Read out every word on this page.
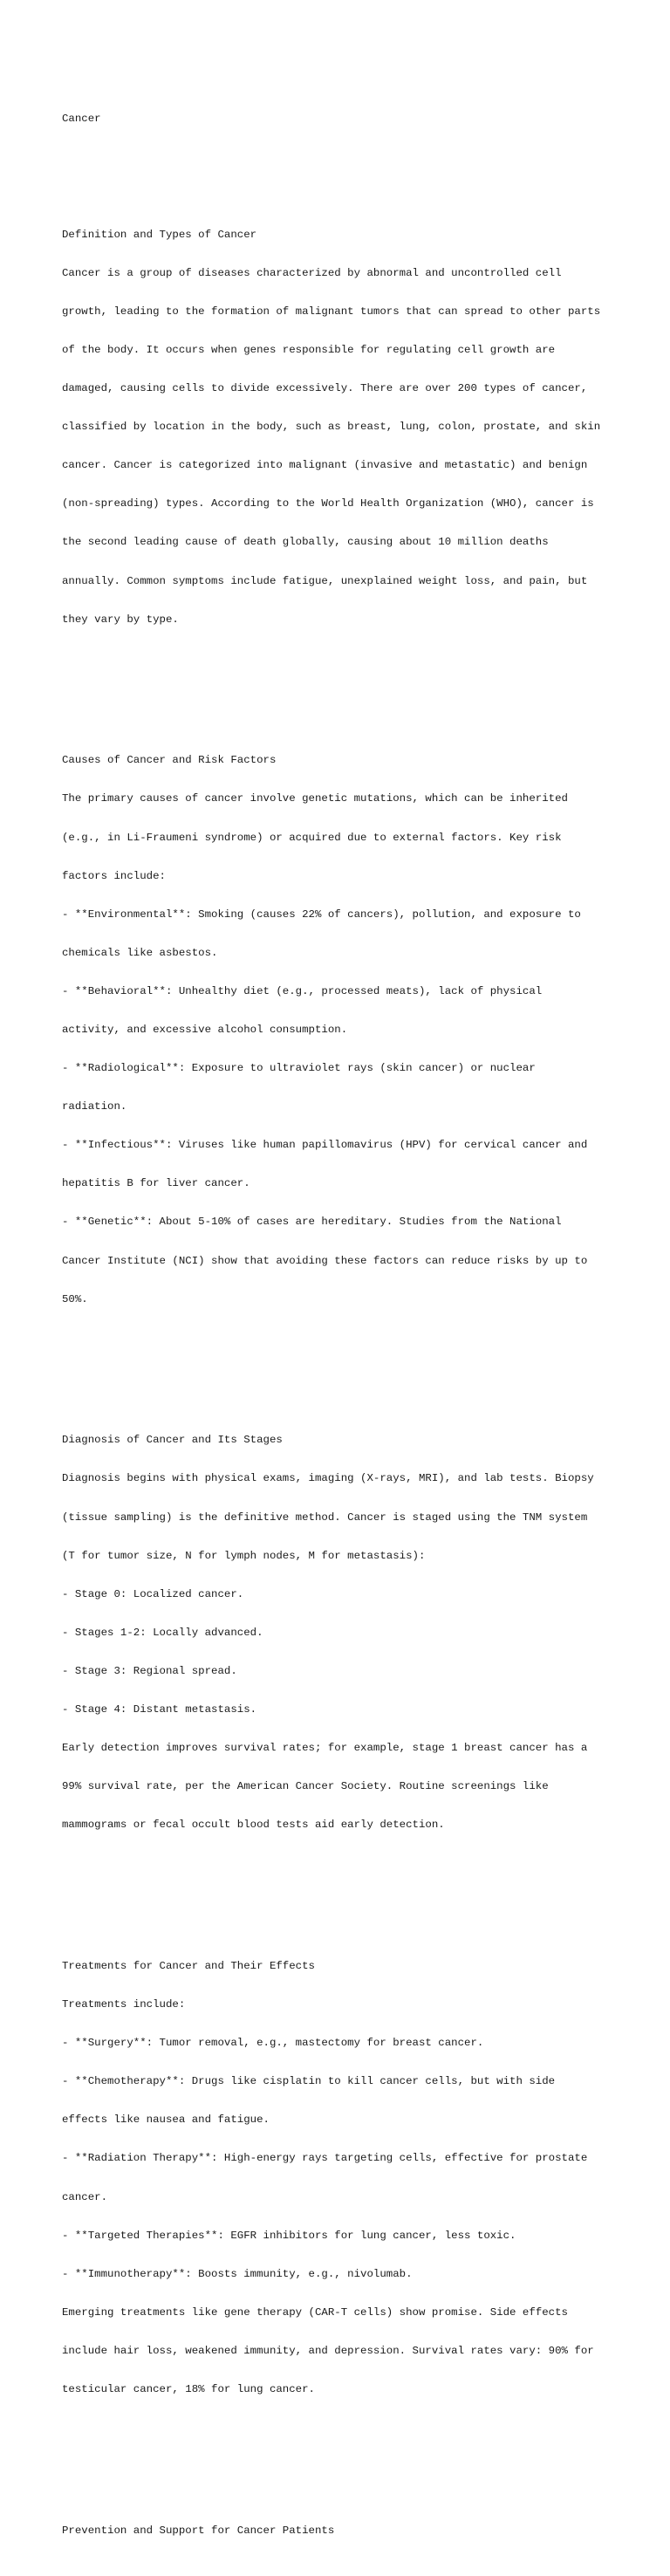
Cancer

Definition and Types of Cancer

Cancer is a group of diseases characterized by abnormal and uncontrolled cell

growth, leading to the formation of malignant tumors that can spread to other parts

of the body. It occurs when genes responsible for regulating cell growth are

damaged, causing cells to divide excessively. There are over 200 types of cancer,

classified by location in the body, such as breast, lung, colon, prostate, and skin

cancer. Cancer is categorized into malignant (invasive and metastatic) and benign

(non-spreading) types. According to the World Health Organization (WHO), cancer is

the second leading cause of death globally, causing about 10 million deaths

annually. Common symptoms include fatigue, unexplained weight loss, and pain, but

they vary by type.

Causes of Cancer and Risk Factors

The primary causes of cancer involve genetic mutations, which can be inherited

(e.g., in Li-Fraumeni syndrome) or acquired due to external factors. Key risk

factors include:

- **Environmental**: Smoking (causes 22% of cancers), pollution, and exposure to

chemicals like asbestos.

- **Behavioral**: Unhealthy diet (e.g., processed meats), lack of physical

activity, and excessive alcohol consumption.

- **Radiological**: Exposure to ultraviolet rays (skin cancer) or nuclear

radiation.

- **Infectious**: Viruses like human papillomavirus (HPV) for cervical cancer and

hepatitis B for liver cancer.

- **Genetic**: About 5-10% of cases are hereditary. Studies from the National

Cancer Institute (NCI) show that avoiding these factors can reduce risks by up to

50%.

Diagnosis of Cancer and Its Stages

Diagnosis begins with physical exams, imaging (X-rays, MRI), and lab tests. Biopsy

(tissue sampling) is the definitive method. Cancer is staged using the TNM system

(T for tumor size, N for lymph nodes, M for metastasis):

- Stage 0: Localized cancer.

- Stages 1-2: Locally advanced.

- Stage 3: Regional spread.

- Stage 4: Distant metastasis.

Early detection improves survival rates; for example, stage 1 breast cancer has a

99% survival rate, per the American Cancer Society. Routine screenings like

mammograms or fecal occult blood tests aid early detection.

Treatments for Cancer and Their Effects

Treatments include:

- **Surgery**: Tumor removal, e.g., mastectomy for breast cancer.

- **Chemotherapy**: Drugs like cisplatin to kill cancer cells, but with side

effects like nausea and fatigue.

- **Radiation Therapy**: High-energy rays targeting cells, effective for prostate

cancer.

- **Targeted Therapies**: EGFR inhibitors for lung cancer, less toxic.

- **Immunotherapy**: Boosts immunity, e.g., nivolumab.

Emerging treatments like gene therapy (CAR-T cells) show promise. Side effects

include hair loss, weakened immunity, and depression. Survival rates vary: 90% for

testicular cancer, 18% for lung cancer.

Prevention and Support for Cancer Patients
